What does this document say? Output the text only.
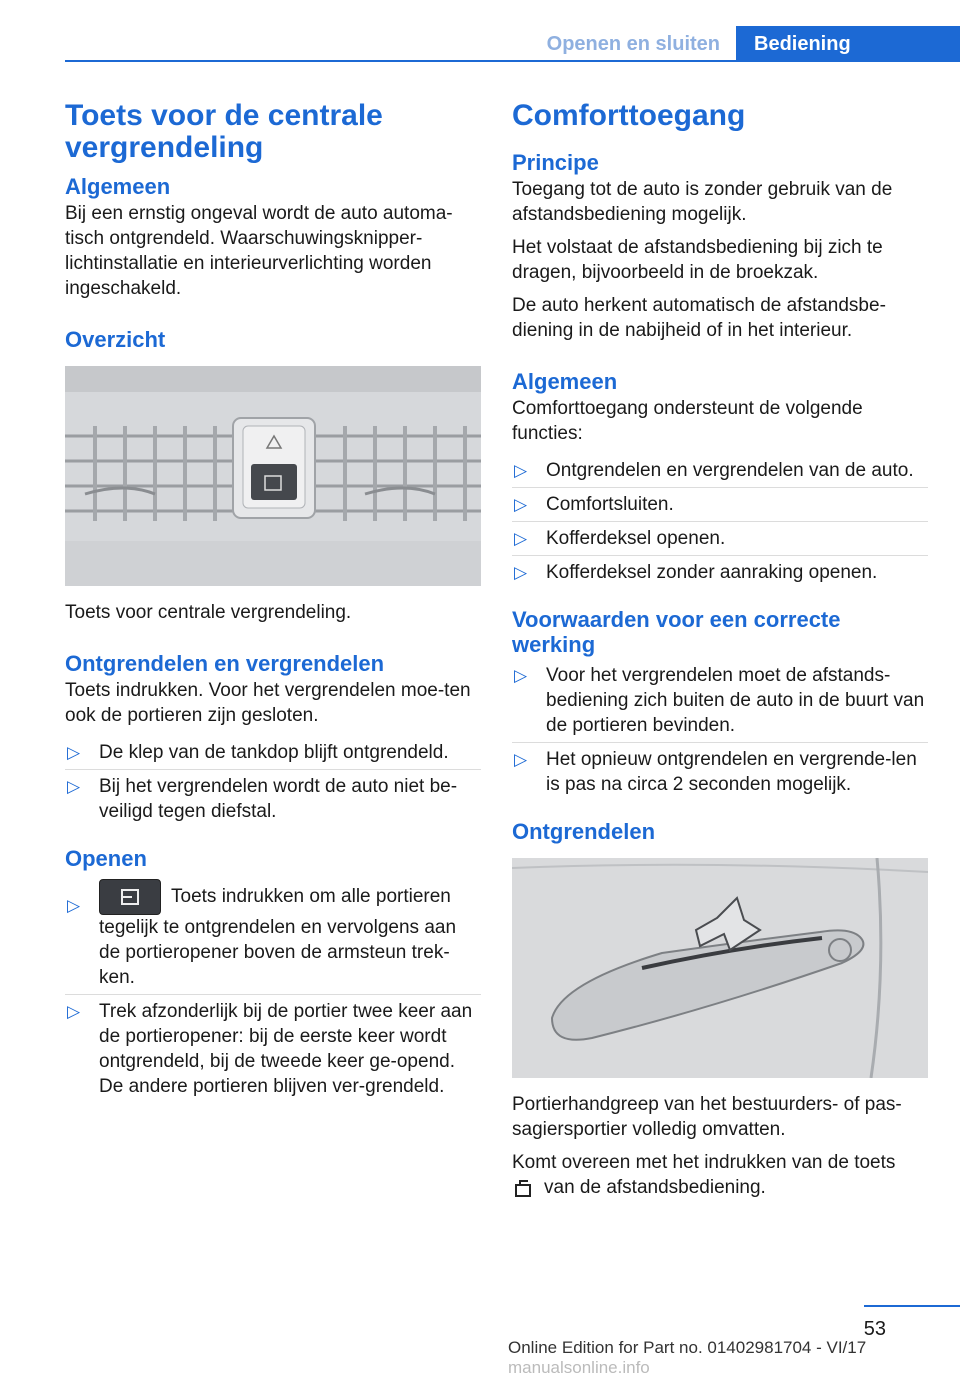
Openen en sluiten	Bediening
Toets voor de centrale vergrendeling
Algemeen

Bij een ernstig ongeval wordt de auto automa-tisch ontgrendeld. Waarschuwingsknipper-lichtinstallatie en interieurverlichting worden ingeschakeld.

Overzicht

Toets voor centrale vergrendeling.

Ontgrendelen en vergrendelen

Toets indrukken. Voor het vergrendelen moe-ten ook de portieren zijn gesloten.

▷ De klep van de tankdop blijft ontgrendeld.
▷ Bij het vergrendelen wordt de auto niet be-veiligd tegen diefstal.
Openen
▷	Toets indrukken om alle portieren tegelijk te ontgrendelen en vervolgens aan de portieropener boven de armsteun trek-ken.
▷ Trek afzonderlijk bij de portier twee keer aan de portieropener: bij de eerste keer wordt ontgrendeld, bij de tweede keer ge-opend. De andere portieren blijven ver-grendeld.
Comforttoegang
Principe

Toegang tot de auto is zonder gebruik van de afstandsbediening mogelijk.

Het volstaat de afstandsbediening bij zich te dragen, bijvoorbeeld in de broekzak.

De auto herkent automatisch de afstandsbe-diening in de nabijheid of in het interieur.

Algemeen

Comforttoegang ondersteunt de volgende functies:

▷ Ontgrendelen en vergrendelen van de auto.
▷ Comfortsluiten.
▷ Kofferdeksel openen.
▷ Kofferdeksel zonder aanraking openen.
Voorwaarden voor een correcte werking
▷ Voor het vergrendelen moet de afstands-bediening zich buiten de auto in de buurt van de portieren bevinden.
▷ Het opnieuw ontgrendelen en vergrende-len is pas na circa 2 seconden mogelijk.
Ontgrendelen

Portierhandgreep van het bestuurders- of pas-sagiersportier volledig omvatten.

Komt overeen met het indrukken van de toets
van de afstandsbediening.

53
Online Edition for Part no. 01402981704 - VI/17 manualsonline.info
